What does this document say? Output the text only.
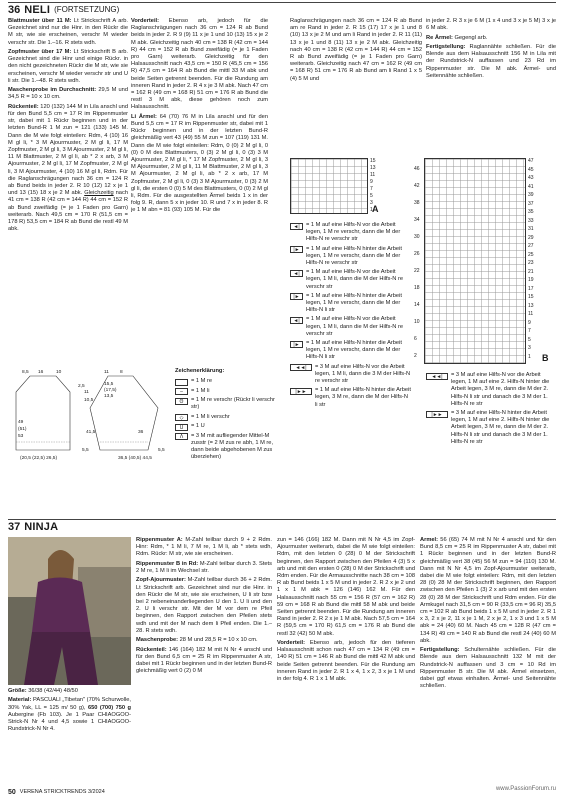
36 NELI (FORTSETZUNG)

Blattmuster über 11 M: Lt Strickschrift A arb. Gezeichnet sind nur die Hinr. in den Rückr die M str, wie sie erscheinen, verschr M wieder verschr str. Die 1.–16. R stets wdh.

Zopfmuster über 17 M: Lt Strickschrift B arb. Gezeichnet sind die Hinr und einige Rückr. in den nicht gezeichneten Rückr die M str, wie sie erscheinen, verschr M wieder verschr str und U li str. Die 1.–48. R stets wdh.

Maschenprobe im Durchschnitt: 29,5 M und 34,5 R = 10 x 10 cm.

Rückenteil: 120 (132) 144 M in Lila anschl und für den Bund 5,5 cm = 17 R im Rippenmuster str, dabei mit 1 Rückr beginnen und in der letzten Bund-R 1 M zun = 121 (133) 145 M. Dann die M wie folgt einteilen: Rdm, 4 (10) 16 M gl li, * 3 M Ajourmuster, 2 M gl li, 17 M Zopfmuster, 2 M gl li, 3 M Ajourmuster, 2 M gl li, 11 M Blattmuster, 2 M gl li, ab * 2 x arb, 3 M Ajourmuster, 2 M gl li, 17 M Zopfmuster, 2 M gl li, 3 M Ajourmuster, 4 (10) 16 M gl li, Rdm. Für die Raglanschrägungen nach 36 cm = 124 R ab Bund beids in jeder 2. R 10 (12) 12 x je 1 und 13 (15) 18 x je 2 M abk. Gleichzeitig nach 41 cm = 138 R (42 cm = 144 R) 44 cm = 152 R ab Bund zweifädig (= je 1 Faden pro Garn) weiterarb. Nach 49,5 cm = 170 R (51,5 cm = 178 R) 53,5 cm = 184 R ab Bund die restl 49 M abk.

Vorderteil: Ebenso arb, jedoch für die Raglanschrägungen nach 36 cm = 124 R ab Bund beids in jeder 2. R 9 (9) 11 x je 1 und 10 (13) 15 x je 2 M abk. Gleichzeitig nach 40 cm = 138 R (42 cm = 144 R) 44 cm = 152 R ab Bund zweifädig (= je 1 Faden pro Garn) weiterarb. Gleichzeitig für den Halsausschnitt nach 43,5 cm = 150 R (45,5 cm = 156 R) 47,5 cm = 164 R ab Bund die mittl 33 M abk und beide Seiten getrennt beenden. Für die Rundung am inneren Rand in jeder 2. R 4 x je 3 M abk. Nach 47 cm = 162 R (49 cm = 168 R) 51 cm = 176 R ab Bund die restl 3 M abk, diese gehören noch zum Halsausschnitt.

Li Ärmel: 64 (70) 76 M in Lila anschl und für den Bund 5,5 cm = 17 R im Rippenmuster str, dabei mit 1 Rückr beginnen und in der letzten Bund-R gleichmäßig vert 43 (49) 55 M zun = 107 (119) 131 M. Dann die M wie folgt einteilen: Rdm, 0 (0) 2 M gl li, 0 (0) 0 M des Blattmusters, 0 (3) 2 M gl li, 0 (3) 3 M Ajourmuster, 2 M gl li, * 17 M Zopfmuster, 2 M gl li, 3 M Ajourmuster, 2 M gl li, 11 M Blattmuster, 2 M gl li, 3 M Ajourmuster, 2 M gl li, ab * 2 x arb, 17 M Zopfmuster, 2 M gl li, 0 (3) 3 M Ajourmuster, 0 (3) 2 M gl li, die ersten 0 (0) 5 M des Blattmusters, 0 (0) 2 M gl li, Rdm. Für die ausgestellten Ärmel beids 1 x in der folg 9. R, dann 5 x in jeder 10. R und 7 x in jeder 8. R je 1 M abn = 81 (93) 105 M. Für die

Raglanschrägungen nach 36 cm = 124 R ab Bund am re Rand in jeder 2. R 15 (17) 17 x je 1 und 8 (10) 13 x je 2 M und am li Rand in jeder 2. R 11 (11) 13 x je 1 und 8 (11) 13 x je 2 M abk. Gleichzeitig nach 40 cm = 138 R (42 cm = 144 R) 44 cm = 152 R ab Bund zweifädig (= je 1 Faden pro Garn) weiterarb. Gleichzeitig nach 47 cm = 162 R (49 cm = 168 R) 51 cm = 176 R ab Bund am li Rand 1 x 5 (4) 5 M und

in jeder 2. R 3 x je 6 M (1 x 4 und 3 x je 5 M) 3 x je 6 M abk.

Re Ärmel: Gegengl arb.

Fertigstellung: Raglannähte schließen. Für die Blende aus dem Halsausschnitt 156 M in Lila mit der Rundstrick-N auffassen und 23 Rd im Rippenmuster str. Die M abk. Ärmel- und Seitennähte schließen.

15
13
11
9
7
5
3
1 A
46
42
38
34
30
26
22
18
14
10
6
2
47
45
43
41
39
37
35
33
31
29
27
25
23
21
19
17
15
13
11
9
7
5
3
1 B
◄|	= 1 M auf eine Hilfs-N vor die Arbeit legen, 1 M re verschr, dann die M der Hilfs-N re verschr str
|►	= 1 M auf eine Hilfs-N hinter die Arbeit legen, 1 M re verschr, dann die M der Hilfs-N re verschr str
◄|	= 1 M auf eine Hilfs-N vor die Arbeit legen, 1 M li, dann die M der Hilfs-N re verschr str
|►	= 1 M auf eine Hilfs-N hinter die Arbeit legen, 1 M re verschr, dann die M der Hilfs-N li str
◄|	= 1 M auf eine Hilfs-N vor die Arbeit legen, 1 M li, dann die M der Hilfs-N re verschr str
|►	= 1 M auf eine Hilfs-N hinter die Arbeit legen, 1 M re verschr, dann die M der Hilfs-N li str
◄◄|	= 3 M auf eine Hilfs-N vor die Arbeit legen, 1 M li, dann die 3 M der Hilfs-N re verschr str
|►►	= 1 M auf eine Hilfs-N hinter die Arbeit legen, 3 M re, dann die M der Hilfs-N li str
◄◄|	= 3 M auf eine Hilfs-N vor die Arbeit legen, 1 M auf eine 2. Hilfs-N hinter die Arbeit legen, 3 M re, dann die M der 2. Hilfs-N li str und danach die 3 M der 1. Hilfs-N re str
|►►	= 3 M auf eine Hilfs-N hinter die Arbeit legen, 1 M auf eine 2. Hilfs-N hinter die Arbeit legen, 3 M re, dann die M der 2. Hilfs-N li str und danach die 3 M der 1. Hilfs-N re str
8,5 16	10
2,5
11
10,5
49
(51)
53
5,5
(20,5 (22,5) 26,5)
11 8
15,5
(17,5)
13,5
41,5	36
5,5
36,5 (40,5) 44,5

Zeichenerklärung:

= 1 M re
–	= 1 M li
ʘ	= 1 M re verschr (Rückr li verschr str)
◇	= 1 M li verschr
U	= 1 U
Λ	= 3 M mit aufliegender Mittel-M zusstr (= 2 M zus re abh, 1 M re, dann beide abgehobenen M zus überziehen)
37 NINJA

Größe: 36/38 (42/44) 48/50

Material: PASCUALI „Tibetan" (70% Schurwolle, 30% Yak, LL = 125 m/ 50 g), 650 (700) 750 g Aubergine (Fb 103). Je 1 Paar CHIAOGOO-Strick-N Nr 4 und 4,5 sowie 1 CHIAOGOO-Rundstrick-N Nr 4.

Rippenmuster A: M-Zahl teilbar durch 9 + 2 Rdm. Hinr: Rdm, * 1 M li, 7 M re, 1 M li, ab * stets wdh, Rdm. Rückr: M str, wie sie erscheinen.

Rippenmuster B in Rd: M-Zahl teilbar durch 3. Stets 2 M re, 1 M li im Wechsel str.

Zopf-Ajourmuster: M-Zahl teilbar durch 36 + 2 Rdm. Lt Strickschrift arb. Gezeichnet sind nur die Hinr. in den Rückr die M str, wie sie erscheinen, U li str bzw bei 2 nebeneinanderliegenden U den 1. U li und den 2. U li verschr str. Mit der M vor dem re Pfeil beginnen, den Rapport zwischen den Pfeilen stets wdh und mit der M nach dem li Pfeil enden. Die 1.–28. R stets wdh.

Maschenprobe: 28 M und 28,5 R = 10 x 10 cm.

Rückenteil: 146 (164) 182 M mit N Nr 4 anschl und für den Bund 6,5 cm = 25 R im Rippenmuster A str, dabei mit 1 Rückr beginnen und in der letzten Bund-R gleichmäßig vert 0 (2) 0 M

zun = 146 (166) 182 M. Dann mit N Nr 4,5 im Zopf-Ajourmuster weiterarb, dabei die M wie folgt einteilen: Rdm, mit den letzten 0 (28) 0 M der Strickschrift beginnen, den Rapport zwischen den Pfeilen 4 (3) 5 x arb und mit den ersten 0 (28) 0 M der Strickschrift und Rdm enden. Für die Armausschnitte nach 38 cm = 108 R ab Bund beids 1 x 5 M und in jeder 2. R 2 x je 2 und 1 x 1 M abk = 126 (146) 162 M. Für den Halsausschnitt nach 55 cm = 156 R (57 cm = 162 R) 59 cm = 168 R ab Bund die mittl 58 M abk und beide Seiten getrennt beenden. Für die Rundung am inneren Rand in jeder 2. R 2 x je 1 M abk. Nach 57,5 cm = 164 R (59,5 cm = 170 R) 61,5 cm = 176 R ab Bund die restl 32 (42) 50 M abk.

Vorderteil: Ebenso arb, jedoch für den tieferen Halsausschnitt schon nach 47 cm = 134 R (49 cm = 140 R) 51 cm = 146 R ab Bund die mittl 42 M abk und beide Seiten getrennt beenden. Für die Rundung am inneren Rand in jeder 2. R 1 x 4, 1 x 2, 3 x je 1 M und in der folg 4. R 1 x 1 M abk.

Ärmel: 56 (65) 74 M mit N Nr 4 anschl und für den Bund 8,5 cm = 25 R im Rippenmuster A str, dabei mit 1 Rückr beginnen und in der letzten Bund-R gleichmäßig vert 38 (45) 56 M zun = 94 (110) 130 M. Dann mit N Nr 4,5 im Zopf-Ajourmuster weiterarb, dabei die M wie folgt einteilen: Rdm, mit den letzten 28 (0) 28 M der Strickschrift beginnen, den Rapport zwischen den Pfeilen 1 (3) 2 x arb und mit den ersten 28 (0) 28 M der Strickschrift und Rdm enden. Für die Armkugel nach 31,5 cm = 90 R (33,5 cm = 96 R) 35,5 cm = 102 R ab Bund beids 1 x 5 M und in jeder 2. R 1 x 3, 2 x je 2, 11 x je 1 M, 2 x je 2, 1 x 3 und 1 x 5 M abk = 24 (40) 60 M. Nach 45 cm = 128 R (47 cm = 134 R) 49 cm = 140 R ab Bund die restl 24 (40) 60 M abk.

Fertigstellung: Schulternähte schließen. Für die Blende aus dem Halsausschnitt 132 M mit der Rundstrick-N auffassen und 3 cm = 10 Rd im Rippenmuster B str. Die M abk. Ärmel einsetzen, dabei ggf etwas einhalten. Ärmel- und Seitennähte schließen.

50 VERENA STRICKTRENDS 3/2024	www.PassionForum.ru
